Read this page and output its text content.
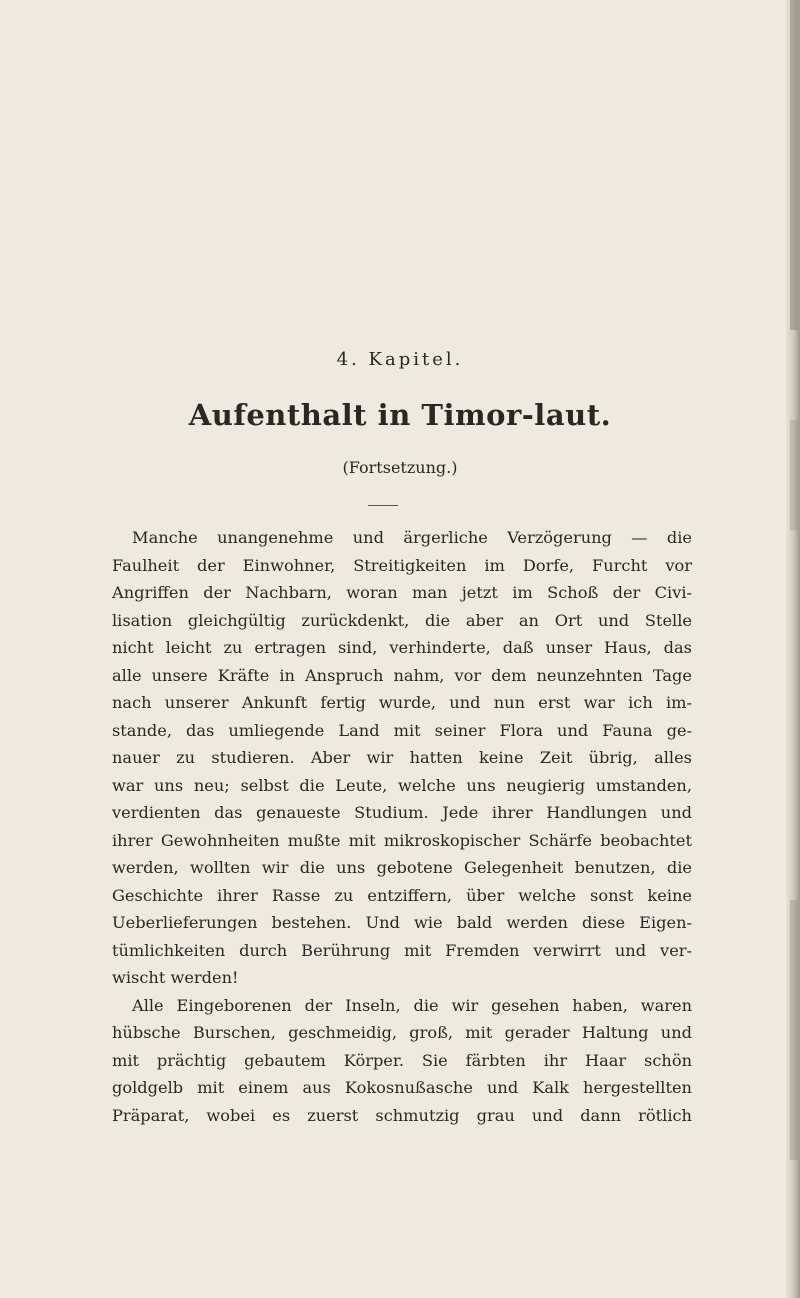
4. Kapitel.
Aufenthalt in Timor-laut.
(Fortsetzung.)
Manche unangenehme und ärgerliche Verzögerung — die
Faulheit der Einwohner, Streitigkeiten im Dorfe, Furcht vor
Angriffen der Nachbarn, woran man jetzt im Schoß der Civi-
lisation gleichgültig zurückdenkt, die aber an Ort und Stelle
nicht leicht zu ertragen sind, verhinderte, daß unser Haus, das
alle unsere Kräfte in Anspruch nahm, vor dem neunzehnten Tage
nach unserer Ankunft fertig wurde, und nun erst war ich im-
stande, das umliegende Land mit seiner Flora und Fauna ge-
nauer zu studieren. Aber wir hatten keine Zeit übrig, alles
war uns neu; selbst die Leute, welche uns neugierig umstanden,
verdienten das genaueste Studium. Jede ihrer Handlungen und
ihrer Gewohnheiten mußte mit mikroskopischer Schärfe beobachtet
werden, wollten wir die uns gebotene Gelegenheit benutzen, die
Geschichte ihrer Rasse zu entziffern, über welche sonst keine
Ueberlieferungen bestehen. Und wie bald werden diese Eigen-
tümlichkeiten durch Berührung mit Fremden verwirrt und ver-
wischt werden!
Alle Eingeborenen der Inseln, die wir gesehen haben, waren
hübsche Burschen, geschmeidig, groß, mit gerader Haltung und
mit prächtig gebautem Körper. Sie färbten ihr Haar schön
goldgelb mit einem aus Kokosnußasche und Kalk hergestellten
Präparat, wobei es zuerst schmutzig grau und dann rötlich
